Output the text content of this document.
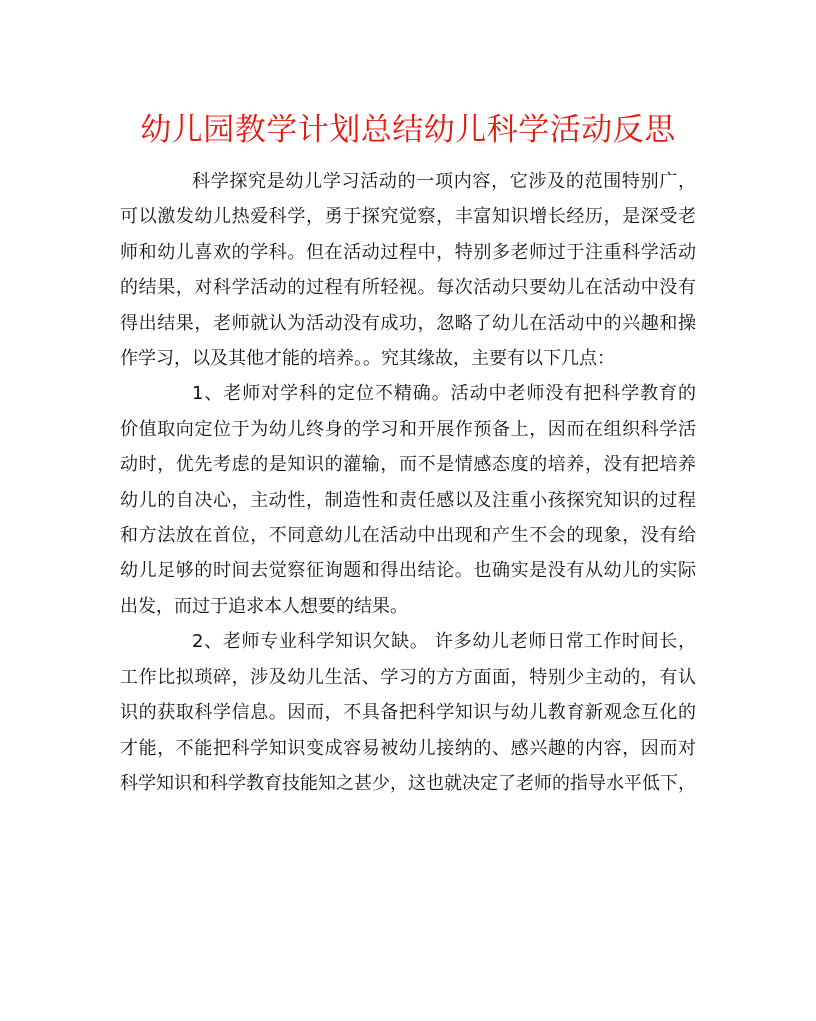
幼儿园教学计划总结幼儿科学活动反思
科学探究是幼儿学习活动的一项内容，它涉及的范围特别广，
可以激发幼儿热爱科学，勇于探究觉察，丰富知识增长经历，是深受老
师和幼儿喜欢的学科。但在活动过程中，特别多老师过于注重科学活动
的结果，对科学活动的过程有所轻视。每次活动只要幼儿在活动中没有
得出结果，老师就认为活动没有成功，忽略了幼儿在活动中的兴趣和操
作学习，以及其他才能的培养。。究其缘故，主要有以下几点：
1、老师对学科的定位不精确。活动中老师没有把科学教育的
价值取向定位于为幼儿终身的学习和开展作预备上，因而在组织科学活
动时，优先考虑的是知识的灌输，而不是情感态度的培养，没有把培养
幼儿的自决心，主动性，制造性和责任感以及注重小孩探究知识的过程
和方法放在首位，不同意幼儿在活动中出现和产生不会的现象，没有给
幼儿足够的时间去觉察征询题和得出结论。也确实是没有从幼儿的实际
出发，而过于追求本人想要的结果。
2、老师专业科学知识欠缺。 许多幼儿老师日常工作时间长，
工作比拟琐碎，涉及幼儿生活、学习的方方面面，特别少主动的，有认
识的获取科学信息。因而，不具备把科学知识与幼儿教育新观念互化的
才能，不能把科学知识变成容易被幼儿接纳的、感兴趣的内容，因而对
科学知识和科学教育技能知之甚少，这也就决定了老师的指导水平低下，
